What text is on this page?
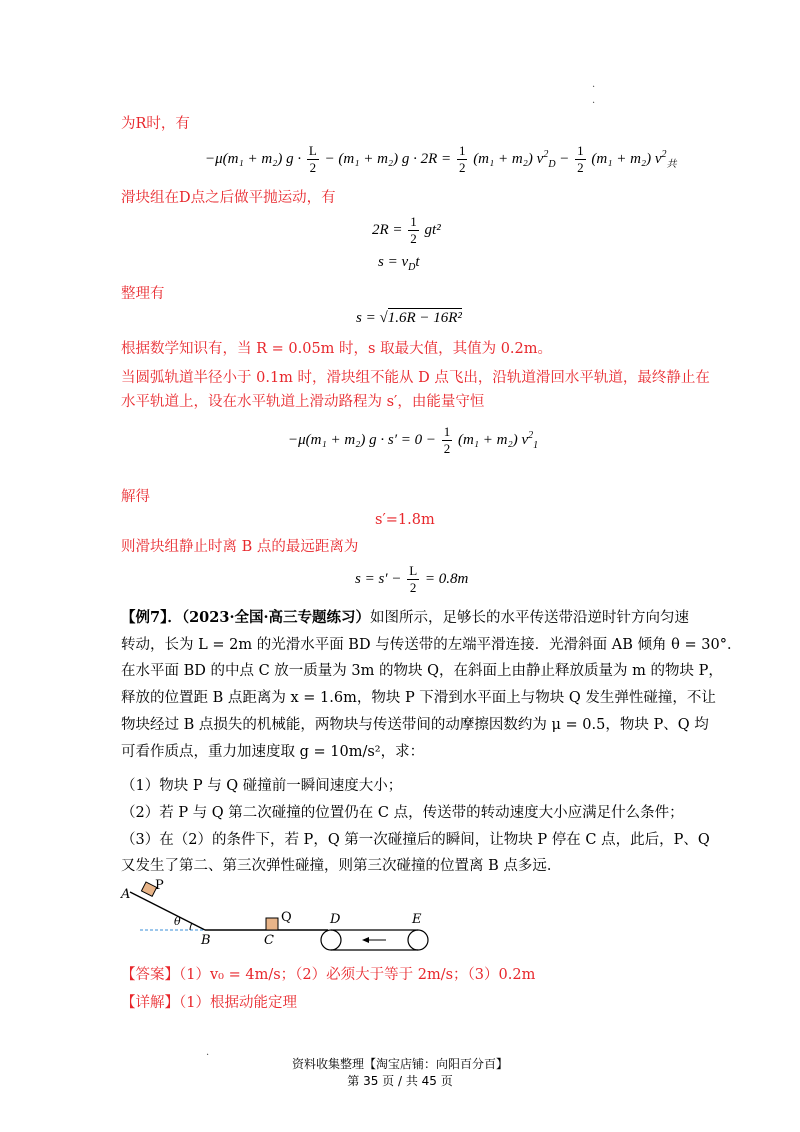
·
·
为R时，有
−μ(m₁ + m₂) $g \cdot \frac{L}{2} - (m_1 + m_2) g \cdot 2R = \frac{1}{2} (m_1 + m_2) v^2_D - \frac{1}{2} (m_1 + m_2)$ $v^2_共$
滑块组在D点之后做平抛运动，有
$2R = \frac{1}{2} gt^2$
$s = v_Dt$
整理有
s = √1.6R − 16R²
根据数学知识有，当 R = 0.05m 时，s 取最大值，其值为 0.2m。
当圆弧轨道半径小于 0.1m 时，滑块组不能从 D 点飞出，沿轨道滑回水平轨道，最终静止在
水平轨道上，设在水平轨道上滑动路程为 s′，由能量守恒
−μ(m₁ + m₂) $g \cdot s' = 0 - \frac{1}{2} (m_1 + m_2)$ $v^2_1$
解得
s′=1.8m
则滑块组静止时离 B 点的最远距离为
$s = s' - \frac{L}{2} = 0.8m$
【例7】．（2023·全国·高三专题练习）如图所示，足够长的水平传送带沿逆时针方向匀速
转动，长为 L = 2m 的光滑水平面 BD 与传送带的左端平滑连接．光滑斜面 AB 倾角 θ = 30°．
在水平面 BD 的中点 C 放一质量为 3m 的物块 Q，在斜面上由静止释放质量为 m 的物块 P，
释放的位置距 B 点距离为 x = 1.6m，物块 P 下滑到水平面上与物块 Q 发生弹性碰撞，不让
物块经过 B 点损失的机械能，两物块与传送带间的动摩擦因数约为 μ = 0.5，物块 P、Q 均
可看作质点，重力加速度取 g = 10m/s²，求：
（1）物块 P 与 Q 碰撞前一瞬间速度大小；
（2）若 P 与 Q 第二次碰撞的位置仍在 C 点，传送带的转动速度大小应满足什么条件；
（3）在（2）的条件下，若 P，Q 第一次碰撞后的瞬间，让物块 P 停在 C 点，此后，P、Q
又发生了第二、第三次弹性碰撞，则第三次碰撞的位置离 B 点多远．
A
P
θ
B	C
Q	D	E
【答案】（1）v₀ = 4m/s；（2）必须大于等于 2m/s；（3）0.2m
【详解】（1）根据动能定理
·
资料收集整理【淘宝店铺：向阳百分百】
第 35 页 / 共 45 页
